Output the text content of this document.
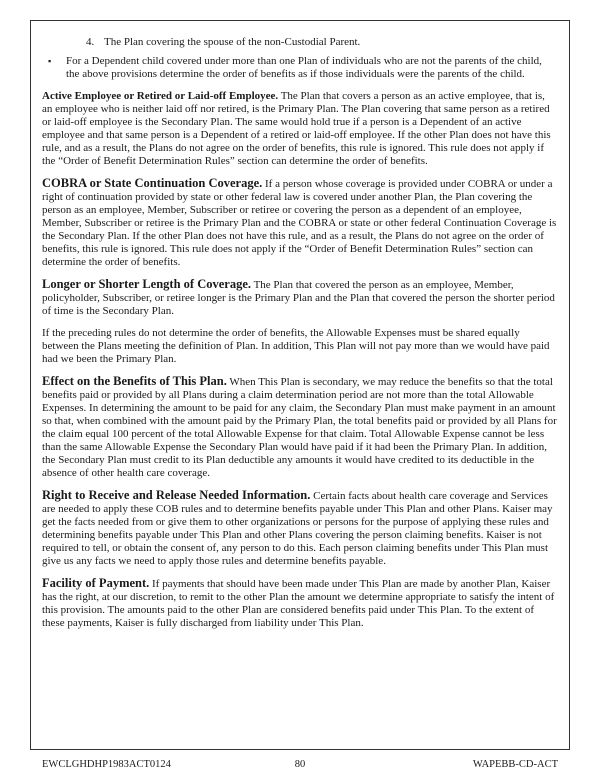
4. The Plan covering the spouse of the non-Custodial Parent.
▪	For a Dependent child covered under more than one Plan of individuals who are not the parents of the child, the above provisions determine the order of benefits as if those individuals were the parents of the child.

Active Employee or Retired or Laid-off Employee. The Plan that covers a person as an active employee, that is, an employee who is neither laid off nor retired, is the Primary Plan. The Plan covering that same person as a retired or laid-off employee is the Secondary Plan. The same would hold true if a person is a Dependent of an active employee and that same person is a Dependent of a retired or laid-off employee. If the other Plan does not have this rule, and as a result, the Plans do not agree on the order of benefits, this rule is ignored. This rule does not apply if the “Order of Benefit Determination Rules” section can determine the order of benefits.

COBRA or State Continuation Coverage. If a person whose coverage is provided under COBRA or under a right of continuation provided by state or other federal law is covered under another Plan, the Plan covering the person as an employee, Member, Subscriber or retiree or covering the person as a dependent of an employee, Member, Subscriber or retiree is the Primary Plan and the COBRA or state or other federal Continuation Coverage is the Secondary Plan. If the other Plan does not have this rule, and as a result, the Plans do not agree on the order of benefits, this rule is ignored. This rule does not apply if the “Order of Benefit Determination Rules” section can determine the order of benefits.

Longer or Shorter Length of Coverage. The Plan that covered the person as an employee, Member, policyholder, Subscriber, or retiree longer is the Primary Plan and the Plan that covered the person the shorter period of time is the Secondary Plan.

If the preceding rules do not determine the order of benefits, the Allowable Expenses must be shared equally between the Plans meeting the definition of Plan. In addition, This Plan will not pay more than we would have paid had we been the Primary Plan.

Effect on the Benefits of This Plan. When This Plan is secondary, we may reduce the benefits so that the total benefits paid or provided by all Plans during a claim determination period are not more than the total Allowable Expenses. In determining the amount to be paid for any claim, the Secondary Plan must make payment in an amount so that, when combined with the amount paid by the Primary Plan, the total benefits paid or provided by all Plans for the claim equal 100 percent of the total Allowable Expense for that claim. Total Allowable Expense cannot be less than the same Allowable Expense the Secondary Plan would have paid if it had been the Primary Plan. In addition, the Secondary Plan must credit to its Plan deductible any amounts it would have credited to its deductible in the absence of other health care coverage.

Right to Receive and Release Needed Information. Certain facts about health care coverage and Services are needed to apply these COB rules and to determine benefits payable under This Plan and other Plans. Kaiser may get the facts needed from or give them to other organizations or persons for the purpose of applying these rules and determining benefits payable under This Plan and other Plans covering the person claiming benefits. Kaiser is not required to tell, or obtain the consent of, any person to do this. Each person claiming benefits under This Plan must give us any facts we need to apply those rules and determine benefits payable.

Facility of Payment. If payments that should have been made under This Plan are made by another Plan, Kaiser has the right, at our discretion, to remit to the other Plan the amount we determine appropriate to satisfy the intent of this provision. The amounts paid to the other Plan are considered benefits paid under This Plan. To the extent of these payments, Kaiser is fully discharged from liability under This Plan.

EWCLGHDHP1983ACT0124	80	WAPEBB-CD-ACT
